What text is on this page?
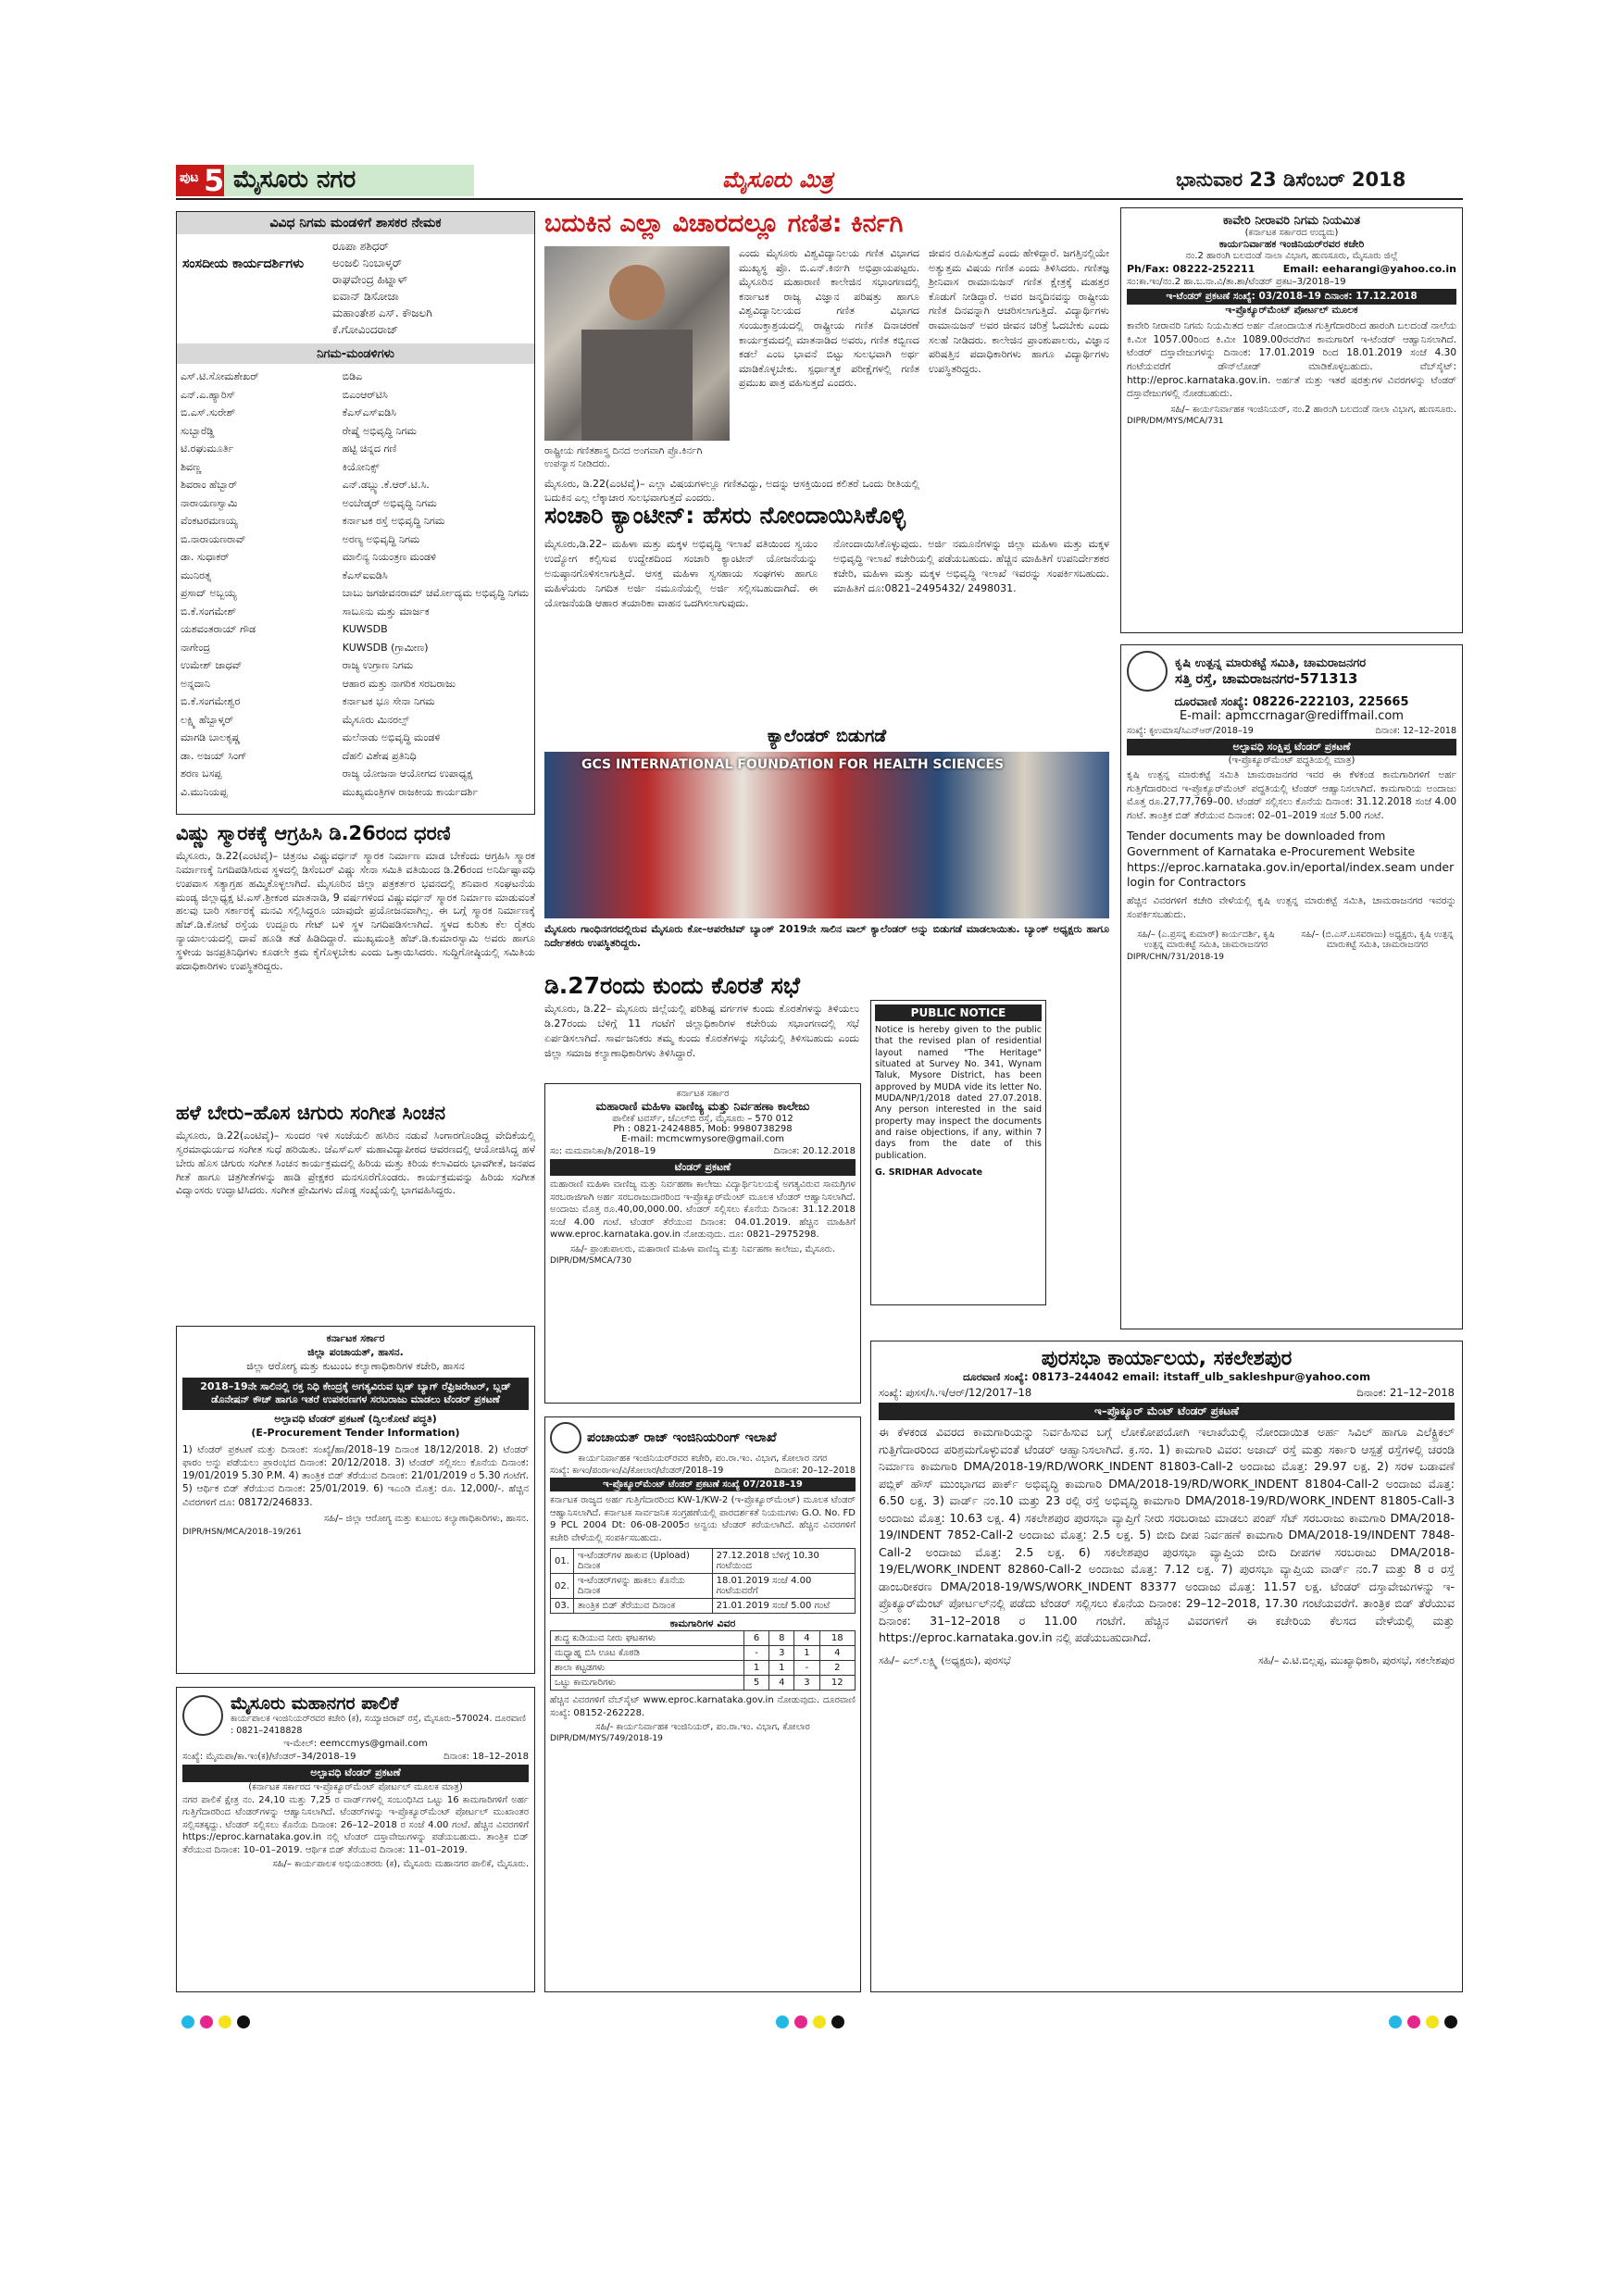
ಪುಟ 5 ಮೈಸೂರು ನಗರ	ಮೈಸೂರು ಮಿತ್ರ	ಭಾನುವಾರ 23 ಡಿಸೆಂಬರ್ 2018
ವಿವಿಧ ನಿಗಮ ಮಂಡಳಿಗೆ ಶಾಸಕರ ನೇಮಕ
ಸಂಸದೀಯ ಕಾರ್ಯದರ್ಶಿಗಳು
ರೂಪಾ ಶಶಿಧರ್
ಅಂಜಲಿ ನಿಂಬಾಳ್ಕರ್
ರಾಘವೇಂದ್ರ ಹಿಟ್ನಾಳ್
ಐವಾನ್ ಡಿಸೋಜಾ
ಮಹಾಂತೇಶ ಎಸ್. ಕೌಜಲಗಿ
ಕೆ.ಗೋವಿಂದರಾಜ್
ನಿಗಮ-ಮಂಡಳಿಗಳು
ಎಸ್.ಟಿ.ಸೋಮಶೇಖರ್	ಬಿಡಿಎ
ಎನ್.ಎ.ಹ್ಯಾರಿಸ್	ಬಿಎಂಆರ್‌ಟಿಸಿ
ಬಿ.ಎಸ್.ಸುರೇಶ್	ಕೆಎಸ್ಎಸ್ಐಡಿಸಿ
ಸುಬ್ಬಾರೆಡ್ಡಿ	ರೇಷ್ಮೆ ಅಭಿವೃದ್ಧಿ ನಿಗಮ
ಟಿ.ರಘುಮೂರ್ತಿ	ಹಟ್ಟಿ ಚಿನ್ನದ ಗಣಿ
ಶಿವಣ್ಣ	ಕಿಯೋನಿಕ್ಸ್
ಶಿವರಾಂ ಹೆಬ್ಬಾರ್	ಎನ್.ಡಬ್ಲ್ಯು.ಕೆ.ಆರ್.ಟಿ.ಸಿ.
ನಾರಾಯಣಸ್ವಾಮಿ	ಅಂಬೇಡ್ಕರ್ ಅಭಿವೃದ್ಧಿ ನಿಗಮ
ವೆಂಕಟರಮಣಯ್ಯ	ಕರ್ನಾಟಕ ರಸ್ತೆ ಅಭಿವೃದ್ಧಿ ನಿಗಮ
ಬಿ.ನಾರಾಯಣರಾವ್	ಅರಣ್ಯ ಅಭಿವೃದ್ಧಿ ನಿಗಮ
ಡಾ. ಸುಧಾಕರ್	ಮಾಲಿನ್ಯ ನಿಯಂತ್ರಣ ಮಂಡಳಿ
ಮುನಿರತ್ನ	ಕೆಎಸ್‌ಐಐಡಿಸಿ
ಪ್ರಸಾದ್ ಅಬ್ಬಯ್ಯ	ಬಾಬು ಜಗಜೀವನರಾಮ್ ಚರ್ಮೋದ್ಯಮ ಅಭಿವೃದ್ಧಿ ನಿಗಮ
ಬಿ.ಕೆ.ಸಂಗಮೇಶ್	ಸಾಬೂನು ಮತ್ತು ಮಾರ್ಜಕ
ಯಶವಂತರಾಯ್ ಗೌಡ	KUWSDB
ನಾಗೇಂದ್ರ	KUWSDB (ಗ್ರಾಮೀಣ)
ಉಮೇಶ್ ಜಾಧವ್	ರಾಜ್ಯ ಉಗ್ರಾಣ ನಿಗಮ
ಅನ್ನದಾನಿ	ಆಹಾರ ಮತ್ತು ನಾಗರಿಕ ಸರಬರಾಜು
ಬಿ.ಕೆ.ಸಂಗಮೇಶ್ವರ	ಕರ್ನಾಟಕ ಭೂ ಸೇನಾ ನಿಗಮ
ಲಕ್ಷ್ಮಿ ಹೆಬ್ಬಾಳ್ಕರ್	ಮೈಸೂರು ಮಿನರಲ್ಸ್
ಮಾಗಡಿ ಬಾಲಕೃಷ್ಣ	ಮಲೆನಾಡು ಅಭಿವೃದ್ಧಿ ಮಂಡಳಿ
ಡಾ. ಅಜಯ್ ಸಿಂಗ್	ದೆಹಲಿ ವಿಶೇಷ ಪ್ರತಿನಿಧಿ
ಶರಣ ಬಸಪ್ಪ	ರಾಜ್ಯ ಯೋಜನಾ ಆಯೋಗದ ಉಪಾಧ್ಯಕ್ಷ
ವಿ.ಮುನಿಯಪ್ಪ	ಮುಖ್ಯಮಂತ್ರಿಗಳ ರಾಜಕೀಯ ಕಾರ್ಯದರ್ಶಿ
ವಿಷ್ಣು ಸ್ಮಾರಕಕ್ಕೆ ಆಗ್ರಹಿಸಿ ಡಿ.26ರಂದ ಧರಣಿ

ಮೈಸೂರು, ಡಿ.22(ಎಂಟಿವೈ)– ಚಿತ್ರನಟ ವಿಷ್ಣುವರ್ಧನ್ ಸ್ಮಾರಕ ನಿರ್ಮಾಣ ಮಾಡ ಬೇಕೆಂದು ಆಗ್ರಹಿಸಿ ಸ್ಮಾರಕ ನಿರ್ಮಾಣಕ್ಕೆ ನಿಗದಿಪಡಿಸಿರುವ ಸ್ಥಳದಲ್ಲಿ ಡಿಸೆಂಬರ್ ವಿಷ್ಣು ಸೇನಾ ಸಮಿತಿ ವತಿಯಿಂದ ಡಿ.26ರಂದ ಅನಿರ್ದಿಷ್ಟಾವಧಿ ಉಪವಾಸ ಸತ್ಯಾಗ್ರಹ ಹಮ್ಮಿಕೊಳ್ಳಲಾಗಿದೆ. ಮೈಸೂರಿನ ಜಿಲ್ಲಾ ಪತ್ರಕರ್ತರ ಭವನದಲ್ಲಿ ಶನಿವಾರ ಸಂಘಟನೆಯ ಮಂಡ್ಯ ಜಿಲ್ಲಾಧ್ಯಕ್ಷ ಟಿ.ಎಸ್.ಶ್ರೀಕಂಠ ಮಾತನಾಡಿ, 9 ವರ್ಷಗಳಿಂದ ವಿಷ್ಣುವರ್ಧನ್ ಸ್ಮಾರಕ ನಿರ್ಮಾಣ ಮಾಡುವಂತೆ ಹಲವು ಬಾರಿ ಸರ್ಕಾರಕ್ಕೆ ಮನವಿ ಸಲ್ಲಿಸಿದ್ದರೂ ಯಾವುದೇ ಪ್ರಯೋಜನವಾಗಿಲ್ಲ. ಈ ಬಗ್ಗೆ ಸ್ಮಾರಕ ನಿರ್ಮಾಣಕ್ಕೆ ಹೆಚ್.ಡಿ.ಕೋಟೆ ರಸ್ತೆಯ ಉದ್ಬೂರು ಗೇಟ್ ಬಳಿ ಸ್ಥಳ ನಿಗದಿಪಡಿಸಲಾಗಿದೆ. ಸ್ಥಳದ ಕುರಿತು ಕೆಲ ರೈತರು ನ್ಯಾಯಾಲಯದಲ್ಲಿ ದಾವೆ ಹೂಡಿ ತಡೆ ಹಿಡಿದಿದ್ದಾರೆ. ಮುಖ್ಯಮಂತ್ರಿ ಹೆಚ್.ಡಿ.ಕುಮಾರಸ್ವಾಮಿ ಅವರು ಹಾಗೂ ಸ್ಥಳೀಯ ಜನಪ್ರತಿನಿಧಿಗಳು ಕೂಡಲೇ ಕ್ರಮ ಕೈಗೊಳ್ಳಬೇಕು ಎಂದು ಒತ್ತಾಯಿಸಿದರು. ಸುದ್ದಿಗೋಷ್ಠಿಯಲ್ಲಿ ಸಮಿತಿಯ ಪದಾಧಿಕಾರಿಗಳು ಉಪಸ್ಥಿತರಿದ್ದರು.

ಹಳೆ ಬೇರು–ಹೊಸ ಚಿಗುರು ಸಂಗೀತ ಸಿಂಚನ

ಮೈಸೂರು, ಡಿ.22(ಎಂಟಿವೈ)– ಸುಂದರ ಇಳಿ ಸಂಜೆಯಲಿ ಹಸಿರಿನ ನಡುವೆ ಸಿಂಗಾರಗೊಂಡಿದ್ದ ವೇದಿಕೆಯಲ್ಲಿ ಸ್ವರಮಾಧುರ್ಯದ ಸಂಗೀತ ಸುಧೆ ಹರಿಯಿತು. ಜೆಎಸ್‌ಎಸ್ ಮಹಾವಿದ್ಯಾಪೀಠದ ಆವರಣದಲ್ಲಿ ಆಯೋಜಿಸಿದ್ದ ಹಳೆ ಬೇರು ಹೊಸ ಚಿಗುರು ಸಂಗೀತ ಸಿಂಚನ ಕಾರ್ಯಕ್ರಮದಲ್ಲಿ ಹಿರಿಯ ಮತ್ತು ಕಿರಿಯ ಕಲಾವಿದರು ಭಾವಗೀತೆ, ಜನಪದ ಗೀತೆ ಹಾಗೂ ಚಿತ್ರಗೀತೆಗಳನ್ನು ಹಾಡಿ ಪ್ರೇಕ್ಷಕರ ಮನಸೂರೆಗೊಂಡರು. ಕಾರ್ಯಕ್ರಮವನ್ನು ಹಿರಿಯ ಸಂಗೀತ ವಿದ್ವಾಂಸರು ಉದ್ಘಾಟಿಸಿದರು. ಸಂಗೀತ ಪ್ರೇಮಿಗಳು ದೊಡ್ಡ ಸಂಖ್ಯೆಯಲ್ಲಿ ಭಾಗವಹಿಸಿದ್ದರು.

ಕರ್ನಾಟಕ ಸರ್ಕಾರ
ಜಿಲ್ಲಾ ಪಂಚಾಯತ್, ಹಾಸನ.
ಜಿಲ್ಲಾ ಆರೋಗ್ಯ ಮತ್ತು ಕುಟುಂಬ ಕಲ್ಯಾಣಾಧಿಕಾರಿಗಳ ಕಚೇರಿ, ಹಾಸನ
2018–19ನೇ ಸಾಲಿನಲ್ಲಿ ರಕ್ತ ನಿಧಿ ಕೇಂದ್ರಕ್ಕೆ ಅಗತ್ಯವಿರುವ ಬ್ಲಡ್ ಬ್ಯಾಗ್ ರೆಫ್ರಿಜರೇಟರ್, ಬ್ಲಡ್ ಡೊನೇಷನ್ ಕೌಚ್ ಹಾಗೂ ಇತರೆ ಉಪಕರಣಗಳ ಸರಬರಾಜು ಮಾಡಲು ಟೆಂಡರ್ ಪ್ರಕಟಣೆ
ಅಲ್ಪಾವಧಿ ಟೆಂಡರ್ ಪ್ರಕಟಣೆ (ದ್ವಿಲಕೋಟೆ ಪದ್ಧತಿ)
(E-Procurement Tender Information)

1) ಟೆಂಡರ್ ಪ್ರಕಟಣೆ ಮತ್ತು ದಿನಾಂಕ: ಸಂಖ್ಯೆ/ಹಾ/2018–19 ದಿನಾಂಕ 18/12/2018. 2) ಟೆಂಡರ್ ಫಾರಂ ಅನ್ನು ಪಡೆಯಲು ಪ್ರಾರಂಭದ ದಿನಾಂಕ: 20/12/2018. 3) ಟೆಂಡರ್ ಸಲ್ಲಿಸಲು ಕೊನೆಯ ದಿನಾಂಕ: 19/01/2019 5.30 P.M. 4) ತಾಂತ್ರಿಕ ಬಿಡ್ ತೆರೆಯುವ ದಿನಾಂಕ: 21/01/2019 ರ 5.30 ಗಂಟೆಗೆ. 5) ಆರ್ಥಿಕ ಬಿಡ್ ತೆರೆಯುವ ದಿನಾಂಕ: 25/01/2019. 6) ಇಎಂಡಿ ಮೊತ್ತ: ರೂ. 12,000/-. ಹೆಚ್ಚಿನ ವಿವರಗಳಿಗೆ ದೂ: 08172/246833.

ಸಹಿ/– ಜಿಲ್ಲಾ ಆರೋಗ್ಯ ಮತ್ತು ಕುಟುಂಬ ಕಲ್ಯಾಣಾಧಿಕಾರಿಗಳು, ಹಾಸನ.
DIPR/HSN/MCA/2018–19/261
ಮೈಸೂರು ಮಹಾನಗರ ಪಾಲಿಕೆ
ಕಾರ್ಯಪಾಲಕ ಇಂಜಿನಿಯರ್‌ರವರ ಕಚೇರಿ (ಕ), ಸಯ್ಯಾಜಿರಾವ್ ರಸ್ತೆ, ಮೈಸೂರು–570024. ದೂರವಾಣಿ : 0821–2418828
ಇ-ಮೇಲ್: eemccmys@gmail.com
ಸಂಖ್ಯೆ: ಮೈಮಪಾ/ಕಾ.ಇಂ(ಕ)/ಟೆಂಡರ್–34/2018–19	ದಿನಾಂಕ: 18–12–2018
ಅಲ್ಪಾವಧಿ ಟೆಂಡರ್ ಪ್ರಕಟಣೆ
(ಕರ್ನಾಟಕ ಸರ್ಕಾರದ ಇ-ಪ್ರೊಕ್ಯೂರ್‌ಮೆಂಟ್ ಪೋರ್ಟಲ್ ಮೂಲಕ ಮಾತ್ರ)

ನಗರ ಪಾಲಿಕೆ ಕ್ಷೇತ್ರ ನಂ. 24,10 ಮತ್ತು 7,25 ರ ವಾರ್ಡ್‌ಗಳಲ್ಲಿ ಸಂಬಂಧಿಸಿದ ಒಟ್ಟು 16 ಕಾಮಗಾರಿಗಳಿಗೆ ಅರ್ಹ ಗುತ್ತಿಗೆದಾರರಿಂದ ಟೆಂಡರ್‌ಗಳನ್ನು ಆಹ್ವಾನಿಸಲಾಗಿದೆ. ಟೆಂಡರ್‌ಗಳನ್ನು ಇ-ಪ್ರೊಕ್ಯೂರ್‌ಮೆಂಟ್ ಪೋರ್ಟಲ್ ಮುಖಾಂತರ ಸಲ್ಲಿಸತಕ್ಕದ್ದು. ಟೆಂಡರ್ ಸಲ್ಲಿಸಲು ಕೊನೆಯ ದಿನಾಂಕ: 26–12–2018 ರ ಸಂಜೆ 4.00 ಗಂಟೆ. ಹೆಚ್ಚಿನ ವಿವರಗಳಿಗೆ https://eproc.karnataka.gov.in ನಲ್ಲಿ ಟೆಂಡರ್ ದಸ್ತಾವೇಜುಗಳನ್ನು ಪಡೆಯಬಹುದು. ತಾಂತ್ರಿಕ ಬಿಡ್ ತೆರೆಯುವ ದಿನಾಂಕ: 10–01–2019. ಆರ್ಥಿಕ ಬಿಡ್ ತೆರೆಯುವ ದಿನಾಂಕ: 11–01–2019.

ಸಹಿ/– ಕಾರ್ಯಪಾಲಕ ಅಭಿಯಂತರರು (ಕ), ಮೈಸೂರು ಮಹಾನಗರ ಪಾಲಿಕೆ, ಮೈಸೂರು.
ಬದುಕಿನ ಎಲ್ಲಾ ವಿಚಾರದಲ್ಲೂ ಗಣಿತ: ಕಿರ್ನಗಿ
ರಾಷ್ಟ್ರೀಯ ಗಣಿತಶಾಸ್ತ್ರ ದಿನದ ಅಂಗವಾಗಿ ಪ್ರೊ.ಕಿರ್ನಗಿ ಉಪನ್ಯಾಸ ನೀಡಿದರು.

ಎಂದು ಮೈಸೂರು ವಿಶ್ವವಿದ್ಯಾನಿಲಯ ಗಣಿತ ವಿಭಾಗದ ಮುಖ್ಯಸ್ಥ ಪ್ರೊ. ಬಿ.ಎನ್.ಕಿರ್ನಗಿ ಅಭಿಪ್ರಾಯಪಟ್ಟರು. ಮೈಸೂರಿನ ಮಹಾರಾಣಿ ಕಾಲೇಜಿನ ಸಭಾಂಗಣದಲ್ಲಿ ಕರ್ನಾಟಕ ರಾಜ್ಯ ವಿಜ್ಞಾನ ಪರಿಷತ್ತು ಹಾಗೂ ವಿಶ್ವವಿದ್ಯಾನಿಲಯದ ಗಣಿತ ವಿಭಾಗದ ಸಂಯುಕ್ತಾಶ್ರಯದಲ್ಲಿ ರಾಷ್ಟ್ರೀಯ ಗಣಿತ ದಿನಾಚರಣೆ ಕಾರ್ಯಕ್ರಮದಲ್ಲಿ ಮಾತನಾಡಿದ ಅವರು, ಗಣಿತ ಕಬ್ಬಿಣದ ಕಡಲೆ ಎಂಬ ಭಾವನೆ ಬಿಟ್ಟು ಸುಲಭವಾಗಿ ಅರ್ಥ ಮಾಡಿಕೊಳ್ಳಬೇಕು. ಸ್ಪರ್ಧಾತ್ಮಕ ಪರೀಕ್ಷೆಗಳಲ್ಲಿ ಗಣಿತ ಪ್ರಮುಖ ಪಾತ್ರ ವಹಿಸುತ್ತದೆ ಎಂದರು.

ಜೀವನ ರೂಪಿಸುತ್ತದೆ ಎಂದು ಹೇಳಿದ್ದಾರೆ. ಜಗತ್ತಿನಲ್ಲಿಯೇ ಅತ್ಯುತ್ತಮ ವಿಷಯ ಗಣಿತ ಎಂದು ತಿಳಿಸಿದರು. ಗಣಿತಜ್ಞ ಶ್ರೀನಿವಾಸ ರಾಮಾನುಜನ್ ಗಣಿತ ಕ್ಷೇತ್ರಕ್ಕೆ ಮಹತ್ತರ ಕೊಡುಗೆ ನೀಡಿದ್ದಾರೆ. ಅವರ ಜನ್ಮದಿನವನ್ನು ರಾಷ್ಟ್ರೀಯ ಗಣಿತ ದಿನವನ್ನಾಗಿ ಆಚರಿಸಲಾಗುತ್ತಿದೆ. ವಿದ್ಯಾರ್ಥಿಗಳು ರಾಮಾನುಜನ್ ಅವರ ಜೀವನ ಚರಿತ್ರೆ ಓದಬೇಕು ಎಂದು ಸಲಹೆ ನೀಡಿದರು. ಕಾಲೇಜಿನ ಪ್ರಾಂಶುಪಾಲರು, ವಿಜ್ಞಾನ ಪರಿಷತ್ತಿನ ಪದಾಧಿಕಾರಿಗಳು ಹಾಗೂ ವಿದ್ಯಾರ್ಥಿಗಳು ಉಪಸ್ಥಿತರಿದ್ದರು.

ಮೈಸೂರು, ಡಿ.22(ಎಂಟಿವೈ)– ಎಲ್ಲಾ ವಿಷಯಗಳಲ್ಲೂ ಗಣಿತವಿದ್ದು, ಅದನ್ನು ಆಸಕ್ತಿಯಿಂದ ಕಲಿತರೆ ಒಂದು ರೀತಿಯಲ್ಲಿ ಬದುಕಿನ ಎಲ್ಲ ಲೆಕ್ಕಾಚಾರ ಸುಲಭವಾಗುತ್ತದೆ ಎಂದರು.

ಸಂಚಾರಿ ಕ್ಯಾಂಟೀನ್: ಹೆಸರು ನೋಂದಾಯಿಸಿಕೊಳ್ಳಿ

ಮೈಸೂರು,ಡಿ.22– ಮಹಿಳಾ ಮತ್ತು ಮಕ್ಕಳ ಅಭಿವೃದ್ಧಿ ಇಲಾಖೆ ವತಿಯಿಂದ ಸ್ವಯಂ ಉದ್ಯೋಗ ಕಲ್ಪಿಸುವ ಉದ್ದೇಶದಿಂದ ಸಂಚಾರಿ ಕ್ಯಾಂಟೀನ್ ಯೋಜನೆಯನ್ನು ಅನುಷ್ಠಾನಗೊಳಿಸಲಾಗುತ್ತಿದೆ. ಆಸಕ್ತ ಮಹಿಳಾ ಸ್ವಸಹಾಯ ಸಂಘಗಳು ಹಾಗೂ ಮಹಿಳೆಯರು ನಿಗದಿತ ಅರ್ಜಿ ನಮೂನೆಯಲ್ಲಿ ಅರ್ಜಿ ಸಲ್ಲಿಸಬಹುದಾಗಿದೆ. ಈ ಯೋಜನೆಯಡಿ ಆಹಾರ ತಯಾರಿಕಾ ವಾಹನ ಒದಗಿಸಲಾಗುವುದು.

ನೋಂದಾಯಿಸಿಕೊಳ್ಳುವುದು. ಅರ್ಜಿ ನಮೂನೆಗಳನ್ನು ಜಿಲ್ಲಾ ಮಹಿಳಾ ಮತ್ತು ಮಕ್ಕಳ ಅಭಿವೃದ್ಧಿ ಇಲಾಖೆ ಕಚೇರಿಯಲ್ಲಿ ಪಡೆಯಬಹುದು. ಹೆಚ್ಚಿನ ಮಾಹಿತಿಗೆ ಉಪನಿರ್ದೇಶಕರ ಕಚೇರಿ, ಮಹಿಳಾ ಮತ್ತು ಮಕ್ಕಳ ಅಭಿವೃದ್ಧಿ ಇಲಾಖೆ ಇವರನ್ನು ಸಂಪರ್ಕಿಸಬಹುದು. ಮಾಹಿತಿಗೆ ದೂ:0821–2495432/ 2498031.

ಕ್ಯಾಲೆಂಡರ್ ಬಿಡುಗಡೆ
GCS INTERNATIONAL FOUNDATION FOR HEALTH SCIENCES

ಮೈಸೂರು ಗಾಂಧಿನಗರದಲ್ಲಿರುವ ಮೈಸೂರು ಕೋ–ಆಪರೇಟಿವ್ ಬ್ಯಾಂಕ್ 2019ನೇ ಸಾಲಿನ ವಾಲ್ ಕ್ಯಾಲೆಂಡರ್ ಅನ್ನು ಬಿಡುಗಡೆ ಮಾಡಲಾಯಿತು. ಬ್ಯಾಂಕ್ ಅಧ್ಯಕ್ಷರು ಹಾಗೂ ನಿರ್ದೇಶಕರು ಉಪಸ್ಥಿತರಿದ್ದರು.

ಡಿ.27ರಂದು ಕುಂದು ಕೊರತೆ ಸಭೆ

ಮೈಸೂರು, ಡಿ.22– ಮೈಸೂರು ಜಿಲ್ಲೆಯಲ್ಲಿ ಪರಿಶಿಷ್ಟ ವರ್ಗಗಳ ಕುಂದು ಕೊರತೆಗಳನ್ನು ತಿಳಿಯಲು ಡಿ.27ರಂದು ಬೆಳಿಗ್ಗೆ 11 ಗಂಟೆಗೆ ಜಿಲ್ಲಾಧಿಕಾರಿಗಳ ಕಚೇರಿಯ ಸಭಾಂಗಣದಲ್ಲಿ ಸಭೆ ಏರ್ಪಡಿಸಲಾಗಿದೆ. ಸಾರ್ವಜನಿಕರು ತಮ್ಮ ಕುಂದು ಕೊರತೆಗಳನ್ನು ಸಭೆಯಲ್ಲಿ ತಿಳಿಸಬಹುದು ಎಂದು ಜಿಲ್ಲಾ ಸಮಾಜ ಕಲ್ಯಾಣಾಧಿಕಾರಿಗಳು ತಿಳಿಸಿದ್ದಾರೆ.

PUBLIC NOTICE

Notice is hereby given to the public that the revised plan of residential layout named "The Heritage" situated at Survey No. 341, Wynam Taluk, Mysore District, has been approved by MUDA vide its letter No. MUDA/NP/1/2018 dated 27.07.2018. Any person interested in the said property may inspect the documents and raise objections, if any, within 7 days from the date of this publication.

G. SRIDHAR Advocate
ಕರ್ನಾಟಕ ಸರ್ಕಾರ
ಮಹಾರಾಣಿ ಮಹಿಳಾ ವಾಣಿಜ್ಯ ಮತ್ತು ನಿರ್ವಹಣಾ ಕಾಲೇಜು
ಪಾಲೀಕೆ ಟವರ್ಸ್, ಜೆಎಲ್‌ಬಿ ರಸ್ತೆ, ಮೈಸೂರು – 570 012
Ph : 0821-2424885, Mob: 9980738298
E-mail: mcmcwmysore@gmail.com
ಸಂ: ಮಮವಾನಿಕಾ/ಶಿ/2018–19	ದಿನಾಂಕ: 20.12.2018
ಟೆಂಡರ್ ಪ್ರಕಟಣೆ

ಮಹಾರಾಣಿ ಮಹಿಳಾ ವಾಣಿಜ್ಯ ಮತ್ತು ನಿರ್ವಹಣಾ ಕಾಲೇಜು ವಿದ್ಯಾರ್ಥಿನಿಲಯಕ್ಕೆ ಅಗತ್ಯವಿರುವ ಸಾಮಗ್ರಿಗಳ ಸರಬರಾಜಿಗಾಗಿ ಅರ್ಹ ಸರಬರಾಜುದಾರರಿಂದ ಇ-ಪ್ರೊಕ್ಯೂರ್‌ಮೆಂಟ್ ಮೂಲಕ ಟೆಂಡರ್ ಆಹ್ವಾನಿಸಲಾಗಿದೆ. ಅಂದಾಜು ಮೊತ್ತ ರೂ.40,00,000.00. ಟೆಂಡರ್ ಸಲ್ಲಿಸಲು ಕೊನೆಯ ದಿನಾಂಕ: 31.12.2018 ಸಂಜೆ 4.00 ಗಂಟೆ. ಟೆಂಡರ್ ತೆರೆಯುವ ದಿನಾಂಕ: 04.01.2019. ಹೆಚ್ಚಿನ ಮಾಹಿತಿಗೆ www.eproc.karnataka.gov.in ನೋಡುವುದು. ದೂ: 0821–2975298.

ಸಹಿ/- ಪ್ರಾಂಶುಪಾಲರು, ಮಹಾರಾಣಿ ಮಹಿಳಾ ವಾಣಿಜ್ಯ ಮತ್ತು ನಿರ್ವಹಣಾ ಕಾಲೇಜು, ಮೈಸೂರು.
DIPR/DM/SMCA/730
ಪಂಚಾಯತ್ ರಾಜ್ ಇಂಜಿನಿಯರಿಂಗ್ ಇಲಾಖೆ
ಕಾರ್ಯನಿರ್ವಾಹಕ ಇಂಜಿನಿಯರ್‌ರವರ ಕಚೇರಿ, ಪಂ.ರಾ.ಇಂ. ವಿಭಾಗ, ಕೋಲಾರ ನಗರ
ಸಂಖ್ಯೆ: ಕಾಇಂ/ಪಂರಾಇಂ/ವಿ/ಕೋಲಾರ/ಟೆಂಡರ್/2018–19	ದಿನಾಂಕ: 20–12–2018
ಇ-ಪ್ರೊಕ್ಯೂರ್‌ಮೆಂಟ್ ಟೆಂಡರ್ ಪ್ರಕಟಣೆ ಸಂಖ್ಯೆ 07/2018–19

ಕರ್ನಾಟಕ ರಾಜ್ಯದ ಅರ್ಹ ಗುತ್ತಿಗೆದಾರರಿಂದ KW-1/KW-2 (ಇ-ಪ್ರೊಕ್ಯೂರ್‌ಮೆಂಟ್) ಮೂಲಕ ಟೆಂಡರ್ ಆಹ್ವಾನಿಸಲಾಗಿದೆ. ಕರ್ನಾಟಕ ಸಾರ್ವಜನಿಕ ಸಂಗ್ರಹಣೆಯಲ್ಲಿ ಪಾರದರ್ಶಕತೆ ನಿಯಮಗಳು G.O. No. FD 9 PCL 2004 Dt: 06-08-2005ರ ಅನ್ವಯ ಟೆಂಡರ್ ಕರೆಯಲಾಗಿದೆ. ಹೆಚ್ಚಿನ ವಿವರಗಳಿಗೆ ಕಚೇರಿ ವೇಳೆಯಲ್ಲಿ ಸಂಪರ್ಕಿಸಬಹುದು.

01.	ಇ-ಟೆಂಡರ್‌ಗಳ ಹಾಕುವ (Upload) ದಿನಾಂಕ	27.12.2018 ಬೆಳಿಗ್ಗೆ 10.30 ಗಂಟೆಯಿಂದ
02.	ಇ-ಟೆಂಡರ್‌ಗಳನ್ನು ಹಾಕಲು ಕೊನೆಯ ದಿನಾಂಕ	18.01.2019 ಸಂಜೆ 4.00 ಗಂಟೆಯವರೆಗೆ
03.	ತಾಂತ್ರಿಕ ಬಿಡ್ ತೆರೆಯುವ ದಿನಾಂಕ	21.01.2019 ಸಂಜೆ 5.00 ಗಂಟೆ
ಕಾಮಗಾರಿಗಳ ವಿವರ
ಶುದ್ಧ ಕುಡಿಯುವ ನೀರು ಘಟಕಗಳು	6	8	4	18
ಮಧ್ಯಾಹ್ನ ಬಿಸಿ ಊಟ ಕೊಠಡಿ	-	3	1	4
ಶಾಲಾ ಕಟ್ಟಡಗಳು	1	1	-	2
ಒಟ್ಟು ಕಾಮಗಾರಿಗಳು	5	4	3	12

ಹೆಚ್ಚಿನ ವಿವರಗಳಿಗೆ ವೆಬ್‌ಸೈಟ್ www.eproc.karnataka.gov.in ನೋಡುವುದು. ದೂರವಾಣಿ ಸಂಖ್ಯೆ: 08152-262228.

ಸಹಿ/- ಕಾರ್ಯನಿರ್ವಾಹಕ ಇಂಜಿನಿಯರ್, ಪಂ.ರಾ.ಇಂ. ವಿಭಾಗ, ಕೋಲಾರ
DIPR/DM/MYS/749/2018-19
ಕಾವೇರಿ ನೀರಾವರಿ ನಿಗಮ ನಿಯಮಿತ
(ಕರ್ನಾಟಕ ಸರ್ಕಾರದ ಉದ್ಯಮ)
ಕಾರ್ಯನಿರ್ವಾಹಕ ಇಂಜಿನಿಯರ್‌ರವರ ಕಚೇರಿ
ನಂ.2 ಹಾರಂಗಿ ಬಲದಂಡೆ ನಾಲಾ ವಿಭಾಗ, ಹುಣಸೂರು, ಮೈಸೂರು ಜಿಲ್ಲೆ
Ph/Fax: 08222-252211	Email: eeharangi@yahoo.co.in
ಸಂ:ಕಾ.ಇಂ/ನಂ.2 ಹಾ.ಬ.ನಾ.ವಿ/ತಾ.ಶಾ/ಟೆಂಡರ್‌ ಪ್ರಕಟ–3/2018–19
ಇ-ಟೆಂಡರ್ ಪ್ರಕಟಣೆ ಸಂಖ್ಯೆ: 03/2018–19 ದಿನಾಂಕ: 17.12.2018
ಇ-ಪ್ರೊಕ್ಯೂರ್‌ಮೆಂಟ್ ಪೋರ್ಟಲ್ ಮೂಲಕ

ಕಾವೇರಿ ನೀರಾವರಿ ನಿಗಮ ನಿಯಮಿತದ ಅರ್ಹ ನೋಂದಾಯಿತ ಗುತ್ತಿಗೆದಾರರಿಂದ ಹಾರಂಗಿ ಬಲದಂಡೆ ನಾಲೆಯ ಕಿ.ಮೀ 1057.00ರಿಂದ ಕಿ.ಮೀ 1089.00ರವರೆಗಿನ ಕಾಮಗಾರಿಗೆ ಇ-ಟೆಂಡರ್ ಆಹ್ವಾನಿಸಲಾಗಿದೆ. ಟೆಂಡರ್ ದಸ್ತಾವೇಜುಗಳನ್ನು ದಿನಾಂಕ: 17.01.2019 ರಿಂದ 18.01.2019 ಸಂಜೆ 4.30 ಗಂಟೆಯವರೆಗೆ ಡೌನ್‌ಲೋಡ್ ಮಾಡಿಕೊಳ್ಳಬಹುದು. ವೆಬ್‌ಸೈಟ್: http://eproc.karnataka.gov.in. ಅರ್ಹತೆ ಮತ್ತು ಇತರೆ ಷರತ್ತುಗಳ ವಿವರಗಳನ್ನು ಟೆಂಡರ್ ದಸ್ತಾವೇಜುಗಳಲ್ಲಿ ನೋಡಬಹುದು.

ಸಹಿ/– ಕಾರ್ಯನಿರ್ವಾಹಕ ಇಂಜಿನಿಯರ್, ನಂ.2 ಹಾರಂಗಿ ಬಲದಂಡೆ ನಾಲಾ ವಿಭಾಗ, ಹುಣಸೂರು.
DIPR/DM/MYS/MCA/731
ಕೃಷಿ ಉತ್ಪನ್ನ ಮಾರುಕಟ್ಟೆ ಸಮಿತಿ, ಚಾಮರಾಜನಗರ
ಸತ್ತಿ ರಸ್ತೆ, ಚಾಮರಾಜನಗರ-571313
ದೂರವಾಣಿ ಸಂಖ್ಯೆ: 08226-222103, 225665
E-mail: apmccrnagar@rediffmail.com
ಸಂಖ್ಯೆ: ಕೃಉಮಾಸ/ಸಿಎನ್‌ಆರ್/2018–19	ದಿನಾಂಕ: 12–12–2018
ಅಲ್ಪಾವಧಿ ಸಂಕ್ಷಿಪ್ತ ಟೆಂಡರ್ ಪ್ರಕಟಣೆ
(ಇ-ಪ್ರೊಕ್ಯೂರ್‌ಮೆಂಟ್ ಪದ್ಧತಿಯಲ್ಲಿ ಮಾತ್ರ)

ಕೃಷಿ ಉತ್ಪನ್ನ ಮಾರುಕಟ್ಟೆ ಸಮಿತಿ ಚಾಮರಾಜನಗರ ಇವರ ಈ ಕೆಳಕಂಡ ಕಾಮಗಾರಿಗಳಿಗೆ ಅರ್ಹ ಗುತ್ತಿಗೆದಾರರಿಂದ ಇ-ಪ್ರೊಕ್ಯೂರ್‌ಮೆಂಟ್ ಪದ್ಧತಿಯಲ್ಲಿ ಟೆಂಡರ್ ಆಹ್ವಾನಿಸಲಾಗಿದೆ. ಕಾಮಗಾರಿಯ ಅಂದಾಜು ಮೊತ್ತ ರೂ.27,77,769–00. ಟೆಂಡರ್ ಸಲ್ಲಿಸಲು ಕೊನೆಯ ದಿನಾಂಕ: 31.12.2018 ಸಂಜೆ 4.00 ಗಂಟೆ. ತಾಂತ್ರಿಕ ಬಿಡ್ ತೆರೆಯುವ ದಿನಾಂಕ: 02–01–2019 ಸಂಜೆ 5.00 ಗಂಟೆ.

Tender documents may be downloaded from Government of Karnataka e-Procurement Website https://eproc.karnataka.gov.in/eportal/index.seam under login for Contractors

ಹೆಚ್ಚಿನ ವಿವರಗಳಿಗೆ ಕಚೇರಿ ವೇಳೆಯಲ್ಲಿ ಕೃಷಿ ಉತ್ಪನ್ನ ಮಾರುಕಟ್ಟೆ ಸಮಿತಿ, ಚಾಮರಾಜನಗರ ಇವರನ್ನು ಸಂಪರ್ಕಿಸಬಹುದು.

ಸಹಿ/– (ಎ.ಪ್ರಸನ್ನ ಕುಮಾರ್) ಕಾರ್ಯದರ್ಶಿ, ಕೃಷಿ ಉತ್ಪನ್ನ ಮಾರುಕಟ್ಟೆ ಸಮಿತಿ, ಚಾಮರಾಜನಗರ
ಸಹಿ/– (ಬಿ.ಎಸ್.ಬಸವರಾಜು) ಅಧ್ಯಕ್ಷರು, ಕೃಷಿ ಉತ್ಪನ್ನ ಮಾರುಕಟ್ಟೆ ಸಮಿತಿ, ಚಾಮರಾಜನಗರ
DIPR/CHN/731/2018-19
ಪುರಸಭಾ ಕಾರ್ಯಾಲಯ, ಸಕಲೇಶಪುರ
ದೂರವಾಣಿ ಸಂಖ್ಯೆ: 08173–244042 email: itstaff_ulb_sakleshpur@yahoo.com
ಸಂಖ್ಯೆ: ಪುಸಸ/ಸಿ.ಇ/ಆರ್/12/2017–18	ದಿನಾಂಕ: 21–12–2018
ಇ–ಪ್ರೊಕ್ಯೂರ್ ಮೆಂಟ್ ಟೆಂಡರ್ ಪ್ರಕಟಣೆ

ಈ ಕೆಳಕಂಡ ವಿವರದ ಕಾಮಗಾರಿಯನ್ನು ನಿರ್ವಹಿಸುವ ಬಗ್ಗೆ ಲೋಕೋಪಯೋಗಿ ಇಲಾಖೆಯಲ್ಲಿ ನೋಂದಾಯಿತ ಅರ್ಹ ಸಿವಿಲ್ ಹಾಗೂ ಎಲೆಕ್ಟ್ರಿಕಲ್ ಗುತ್ತಿಗೆದಾರರಿಂದ ಪರಿಶ್ರಮಗೊಳ್ಳುವಂತೆ ಟೆಂಡರ್ ಆಹ್ವಾನಿಸಲಾಗಿದೆ. ಕ್ರ.ಸಂ. 1) ಕಾಮಗಾರಿ ವಿವರ: ಅಜಾದ್ ರಸ್ತೆ ಮತ್ತು ಸರ್ಕಾರಿ ಆಸ್ಪತ್ರೆ ರಸ್ತೆಗಳಲ್ಲಿ ಚರಂಡಿ ನಿರ್ಮಾಣ ಕಾಮಗಾರಿ DMA/2018-19/RD/WORK_INDENT 81803-Call-2 ಅಂದಾಜು ಮೊತ್ತ: 29.97 ಲಕ್ಷ. 2) ಸರಳ ಬಡಾವಣೆ ಪಬ್ಲಿಕ್ ಹೌಸ್ ಮುಂಭಾಗದ ಪಾರ್ಕ್ ಅಭಿವೃದ್ಧಿ ಕಾಮಗಾರಿ DMA/2018-19/RD/WORK_INDENT 81804-Call-2 ಅಂದಾಜು ಮೊತ್ತ: 6.50 ಲಕ್ಷ. 3) ವಾರ್ಡ್ ನಂ.10 ಮತ್ತು 23 ರಲ್ಲಿ ರಸ್ತೆ ಅಭಿವೃದ್ಧಿ ಕಾಮಗಾರಿ DMA/2018-19/RD/WORK_INDENT 81805-Call-3 ಅಂದಾಜು ಮೊತ್ತ: 10.63 ಲಕ್ಷ. 4) ಸಕಲೇಶಪುರ ಪುರಸಭಾ ವ್ಯಾಪ್ತಿಗೆ ನೀರು ಸರಬರಾಜು ಮಾಡಲು ಪಂಪ್ ಸೆಟ್ ಸರಬರಾಜು ಕಾಮಗಾರಿ DMA/2018-19/INDENT 7852-Call-2 ಅಂದಾಜು ಮೊತ್ತ: 2.5 ಲಕ್ಷ. 5) ಬೀದಿ ದೀಪ ನಿರ್ವಹಣೆ ಕಾಮಗಾರಿ DMA/2018-19/INDENT 7848-Call-2 ಅಂದಾಜು ಮೊತ್ತ: 2.5 ಲಕ್ಷ. 6) ಸಕಲೇಶಪುರ ಪುರಸಭಾ ವ್ಯಾಪ್ತಿಯ ಬೀದಿ ದೀಪಗಳ ಸರಬರಾಜು DMA/2018-19/EL/WORK_INDENT 82860-Call-2 ಅಂದಾಜು ಮೊತ್ತ: 7.12 ಲಕ್ಷ. 7) ಪುರಸಭಾ ವ್ಯಾಪ್ತಿಯ ವಾರ್ಡ್ ನಂ.7 ಮತ್ತು 8 ರ ರಸ್ತೆ ಡಾಂಬರೀಕರಣ DMA/2018-19/WS/WORK_INDENT 83377 ಅಂದಾಜು ಮೊತ್ತ: 11.57 ಲಕ್ಷ. ಟೆಂಡರ್ ದಸ್ತಾವೇಜುಗಳನ್ನು ಇ-ಪ್ರೊಕ್ಯೂರ್‌ಮೆಂಟ್ ಪೋರ್ಟಲ್‌ನಲ್ಲಿ ಪಡೆದು ಟೆಂಡರ್ ಸಲ್ಲಿಸಲು ಕೊನೆಯ ದಿನಾಂಕ: 29–12–2018, 17.30 ಗಂಟೆಯವರೆಗೆ. ತಾಂತ್ರಿಕ ಬಿಡ್ ತೆರೆಯುವ ದಿನಾಂಕ: 31–12–2018 ರ 11.00 ಗಂಟೆಗೆ. ಹೆಚ್ಚಿನ ವಿವರಗಳಿಗೆ ಈ ಕಚೇರಿಯ ಕೆಲಸದ ವೇಳೆಯಲ್ಲಿ ಮತ್ತು https://eproc.karnataka.gov.in ನಲ್ಲಿ ಪಡೆಯಬಹುದಾಗಿದೆ.

ಸಹಿ/– ಎಲ್.ಲಕ್ಷ್ಮಿ (ಅಧ್ಯಕ್ಷರು), ಪುರಸಭೆ	ಸಹಿ/– ವಿ.ಟಿ.ಬಿಲ್ಲಪ್ಪ, ಮುಖ್ಯಾಧಿಕಾರಿ, ಪುರಸಭೆ, ಸಕಲೇಶಪುರ
